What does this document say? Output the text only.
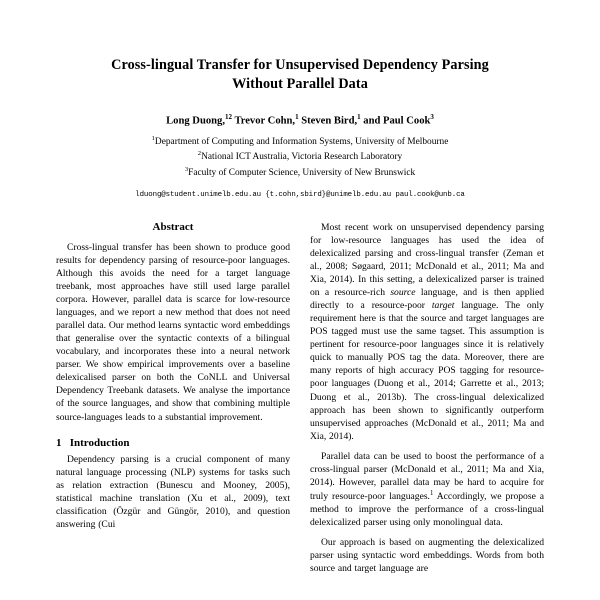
Cross-lingual Transfer for Unsupervised Dependency Parsing
Without Parallel Data
Long Duong,$^{12}$ Trevor Cohn,$^1$ Steven Bird,$^1$ and Paul Cook$^3$
$^1$Department of Computing and Information Systems, University of Melbourne
$^2$National ICT Australia, Victoria Research Laboratory
$^3$Faculty of Computer Science, University of New Brunswick
lduong@student.unimelb.edu.au {t.cohn,sbird}@unimelb.edu.au paul.cook@unb.ca
Abstract

Cross-lingual transfer has been shown to produce good results for dependency parsing of resource-poor languages. Although this avoids the need for a target language treebank, most approaches have still used large parallel corpora. However, parallel data is scarce for low-resource languages, and we report a new method that does not need parallel data. Our method learns syntactic word embeddings that generalise over the syntactic contexts of a bilingual vocabulary, and incorporates these into a neural network parser. We show empirical improvements over a baseline delexicalised parser on both the CoNLL and Universal Dependency Treebank datasets. We analyse the importance of the source languages, and show that combining multiple source-languages leads to a substantial improvement.

1 Introduction

Dependency parsing is a crucial component of many natural language processing (NLP) systems for tasks such as relation extraction (Bunescu and Mooney, 2005), statistical machine translation (Xu et al., 2009), text classification (Özgür and Güngör, 2010), and question answering (Cui

Most recent work on unsupervised dependency parsing for low-resource languages has used the idea of delexicalized parsing and cross-lingual transfer (Zeman et al., 2008; Søgaard, 2011; McDonald et al., 2011; Ma and Xia, 2014). In this setting, a delexicalized parser is trained on a resource-rich source language, and is then applied directly to a resource-poor target language. The only requirement here is that the source and target languages are POS tagged must use the same tagset. This assumption is pertinent for resource-poor languages since it is relatively quick to manually POS tag the data. Moreover, there are many reports of high accuracy POS tagging for resource-poor languages (Duong et al., 2014; Garrette et al., 2013; Duong et al., 2013b). The cross-lingual delexicalized approach has been shown to significantly outperform unsupervised approaches (McDonald et al., 2011; Ma and Xia, 2014).

Parallel data can be used to boost the performance of a cross-lingual parser (McDonald et al., 2011; Ma and Xia, 2014). However, parallel data may be hard to acquire for truly resource-poor languages.$^1$ Accordingly, we propose a method to improve the performance of a cross-lingual delexicalized parser using only monolingual data.

Our approach is based on augmenting the delexicalized parser using syntactic word embeddings. Words from both source and target language are
